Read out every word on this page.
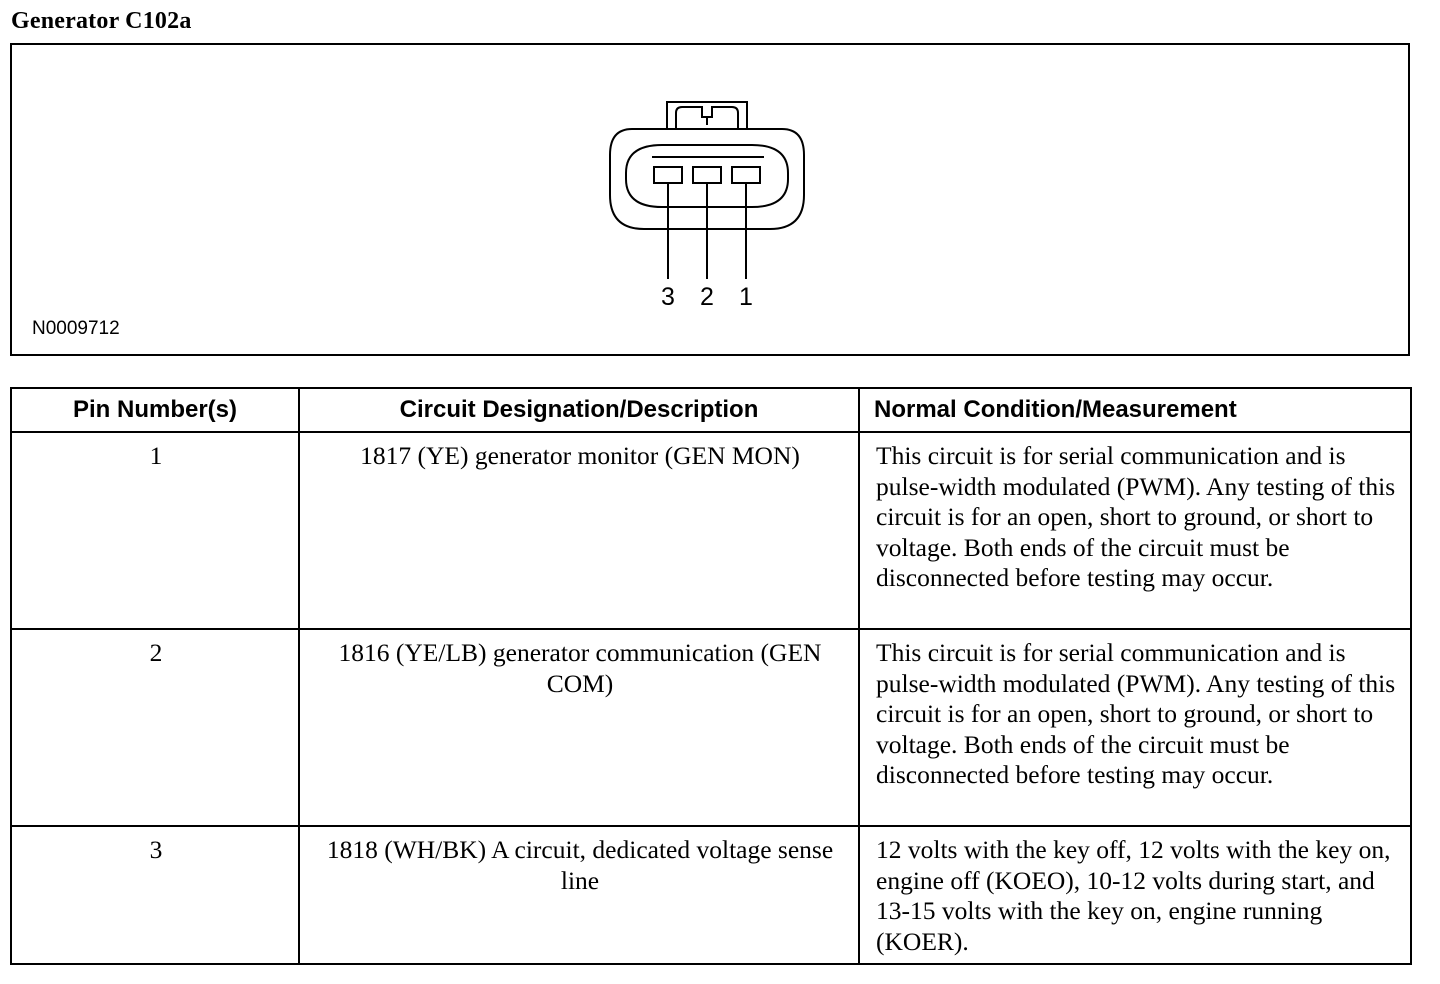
Generator C102a
3	2	1
N0009712
Pin Number(s)	Circuit Designation/Description	Normal Condition/Measurement
1	1817 (YE) generator monitor (GEN MON)	This circuit is for serial communication and is pulse-width modulated (PWM). Any testing of this circuit is for an open, short to ground, or short to voltage. Both ends of the circuit must be disconnected before testing may occur.
2	1816 (YE/LB) generator communication (GEN COM)	This circuit is for serial communication and is pulse-width modulated (PWM). Any testing of this circuit is for an open, short to ground, or short to voltage. Both ends of the circuit must be disconnected before testing may occur.
3	1818 (WH/BK) A circuit, dedicated voltage sense line	12 volts with the key off, 12 volts with the key on, engine off (KOEO), 10-12 volts during start, and 13-15 volts with the key on, engine running (KOER).
